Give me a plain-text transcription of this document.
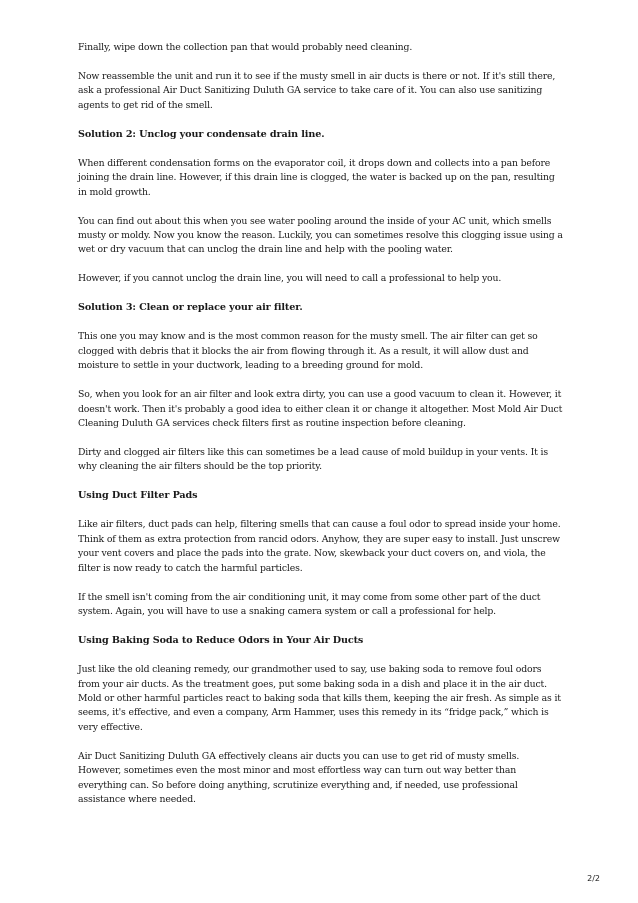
Finally, wipe down the collection pan that would probably need cleaning.

Now reassemble the unit and run it to see if the musty smell in air ducts is there or not. If it's still there, ask a professional Air Duct Sanitizing Duluth GA service to take care of it. You can also use sanitizing agents to get rid of the smell.

Solution 2: Unclog your condensate drain line.

When different condensation forms on the evaporator coil, it drops down and collects into a pan before joining the drain line. However, if this drain line is clogged, the water is backed up on the pan, resulting in mold growth.

You can find out about this when you see water pooling around the inside of your AC unit, which smells musty or moldy. Now you know the reason. Luckily, you can sometimes resolve this clogging issue using a wet or dry vacuum that can unclog the drain line and help with the pooling water.

However, if you cannot unclog the drain line, you will need to call a professional to help you.

Solution 3: Clean or replace your air filter.

This one you may know and is the most common reason for the musty smell. The air filter can get so clogged with debris that it blocks the air from flowing through it. As a result, it will allow dust and moisture to settle in your ductwork, leading to a breeding ground for mold.

So, when you look for an air filter and look extra dirty, you can use a good vacuum to clean it. However, it doesn't work. Then it's probably a good idea to either clean it or change it altogether. Most Mold Air Duct Cleaning Duluth GA services check filters first as routine inspection before cleaning.

Dirty and clogged air filters like this can sometimes be a lead cause of mold buildup in your vents. It is why cleaning the air filters should be the top priority.

Using Duct Filter Pads

Like air filters, duct pads can help, filtering smells that can cause a foul odor to spread inside your home. Think of them as extra protection from rancid odors. Anyhow, they are super easy to install. Just unscrew your vent covers and place the pads into the grate. Now, skewback your duct covers on, and viola, the filter is now ready to catch the harmful particles.

If the smell isn't coming from the air conditioning unit, it may come from some other part of the duct system. Again, you will have to use a snaking camera system or call a professional for help.

Using Baking Soda to Reduce Odors in Your Air Ducts

Just like the old cleaning remedy, our grandmother used to say, use baking soda to remove foul odors from your air ducts. As the treatment goes, put some baking soda in a dish and place it in the air duct. Mold or other harmful particles react to baking soda that kills them, keeping the air fresh. As simple as it seems, it's effective, and even a company, Arm Hammer, uses this remedy in its “fridge pack,” which is very effective.

Air Duct Sanitizing Duluth GA effectively cleans air ducts you can use to get rid of musty smells. However, sometimes even the most minor and most effortless way can turn out way better than everything can. So before doing anything, scrutinize everything and, if needed, use professional assistance where needed.

2/2
